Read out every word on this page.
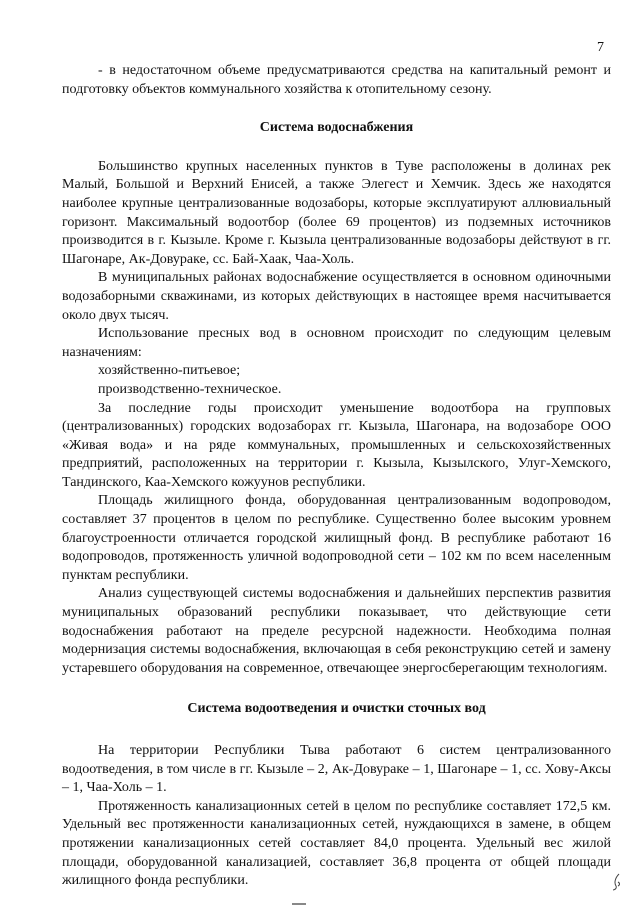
7

- в недостаточном объеме предусматриваются средства на капитальный ремонт и подготовку объектов коммунального хозяйства к отопительному сезону.

Система водоснабжения

Большинство крупных населенных пунктов в Туве расположены в долинах рек Малый, Большой и Верхний Енисей, а также Элегест и Хемчик. Здесь же находятся наиболее крупные централизованные водозаборы, которые эксплуатируют аллювиальный горизонт. Максимальный водоотбор (более 69 процентов) из подземных источников производится в г. Кызыле. Кроме г. Кызыла централизованные водозаборы действуют в гг. Шагонаре, Ак-Довураке, сс. Бай-Хаак, Чаа-Холь.

В муниципальных районах водоснабжение осуществляется в основном одиночными водозаборными скважинами, из которых действующих в настоящее время насчитывается около двух тысяч.

Использование пресных вод в основном происходит по следующим целевым назначениям:

хозяйственно-питьевое;

производственно-техническое.

За последние годы происходит уменьшение водоотбора на групповых (централизованных) городских водозаборах гг. Кызыла, Шагонара, на водозаборе ООО «Живая вода» и на ряде коммунальных, промышленных и сельскохозяйственных предприятий, расположенных на территории г. Кызыла, Кызылского, Улуг-Хемского, Тандинского, Каа-Хемского кожуунов республики.

Площадь жилищного фонда, оборудованная централизованным водопроводом, составляет 37 процентов в целом по республике. Существенно более высоким уровнем благоустроенности отличается городской жилищный фонд. В республике работают 16 водопроводов, протяженность уличной водопроводной сети – 102 км по всем населенным пунктам республики.

Анализ существующей системы водоснабжения и дальнейших перспектив развития муниципальных образований республики показывает, что действующие сети водоснабжения работают на пределе ресурсной надежности. Необходима полная модернизация системы водоснабжения, включающая в себя реконструкцию сетей и замену устаревшего оборудования на современное, отвечающее энергосберегающим технологиям.

Система водоотведения и очистки сточных вод

На территории Республики Тыва работают 6 систем централизованного водоотведения, в том числе в гг. Кызыле – 2, Ак-Довураке – 1, Шагонаре – 1, сс. Хову-Аксы – 1, Чаа-Холь – 1.

Протяженность канализационных сетей в целом по республике составляет 172,5 км. Удельный вес протяженности канализационных сетей, нуждающихся в замене, в общем протяжении канализационных сетей составляет 84,0 процента. Удельный вес жилой площади, оборудованной канализацией, составляет 36,8 процента от общей площади жилищного фонда республики.
